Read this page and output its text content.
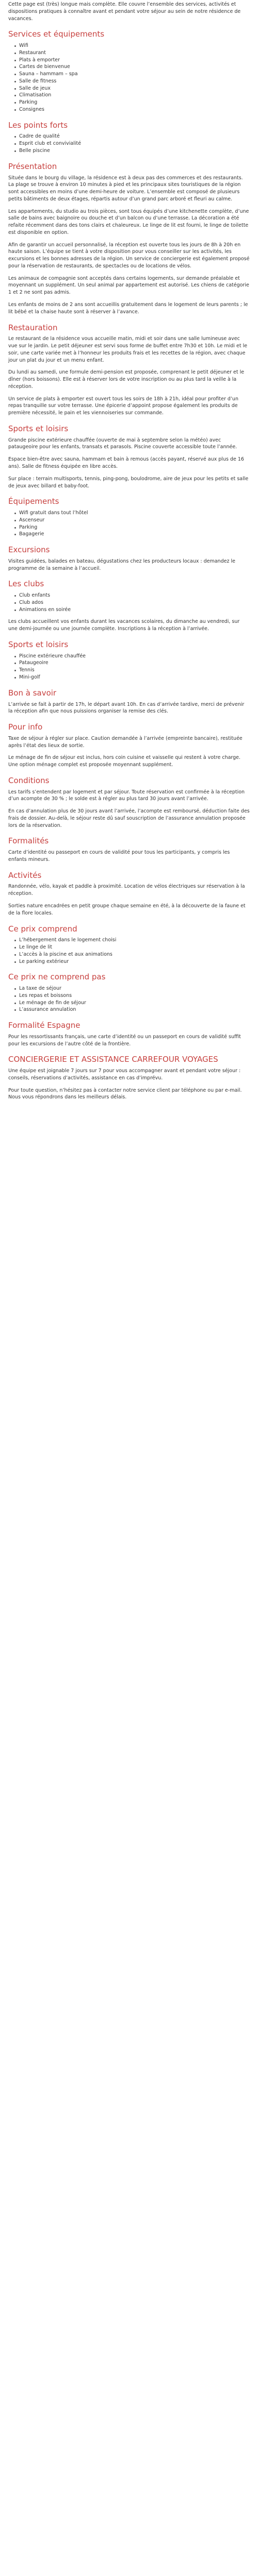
Cette page est (très) longue mais complète. Elle couvre l’ensemble des services, activités et dispositions pratiques à connaître avant et pendant votre séjour au sein de notre résidence de vacances.

Services et équipements
Wifi
Restaurant
Plats à emporter
Cartes de bienvenue
Sauna – hammam – spa
Salle de fitness
Salle de jeux
Climatisation
Parking
Consignes
Les points forts
Cadre de qualité
Esprit club et convivialité
Belle piscine
Présentation

Située dans le bourg du village, la résidence est à deux pas des commerces et des restaurants. La plage se trouve à environ 10 minutes à pied et les principaux sites touristiques de la région sont accessibles en moins d’une demi-heure de voiture. L’ensemble est composé de plusieurs petits bâtiments de deux étages, répartis autour d’un grand parc arboré et fleuri au calme.

Les appartements, du studio au trois pièces, sont tous équipés d’une kitchenette complète, d’une salle de bains avec baignoire ou douche et d’un balcon ou d’une terrasse. La décoration a été refaite récemment dans des tons clairs et chaleureux. Le linge de lit est fourni, le linge de toilette est disponible en option.

Afin de garantir un accueil personnalisé, la réception est ouverte tous les jours de 8h à 20h en haute saison. L’équipe se tient à votre disposition pour vous conseiller sur les activités, les excursions et les bonnes adresses de la région. Un service de conciergerie est également proposé pour la réservation de restaurants, de spectacles ou de locations de vélos.

Les animaux de compagnie sont acceptés dans certains logements, sur demande préalable et moyennant un supplément. Un seul animal par appartement est autorisé. Les chiens de catégorie 1 et 2 ne sont pas admis.

Les enfants de moins de 2 ans sont accueillis gratuitement dans le logement de leurs parents ; le lit bébé et la chaise haute sont à réserver à l’avance.

Restauration

Le restaurant de la résidence vous accueille matin, midi et soir dans une salle lumineuse avec vue sur le jardin. Le petit déjeuner est servi sous forme de buffet entre 7h30 et 10h. Le midi et le soir, une carte variée met à l’honneur les produits frais et les recettes de la région, avec chaque jour un plat du jour et un menu enfant.

Du lundi au samedi, une formule demi-pension est proposée, comprenant le petit déjeuner et le dîner (hors boissons). Elle est à réserver lors de votre inscription ou au plus tard la veille à la réception.

Un service de plats à emporter est ouvert tous les soirs de 18h à 21h, idéal pour profiter d’un repas tranquille sur votre terrasse. Une épicerie d’appoint propose également les produits de première nécessité, le pain et les viennoiseries sur commande.

Sports et loisirs

Grande piscine extérieure chauffée (ouverte de mai à septembre selon la météo) avec pataugeoire pour les enfants, transats et parasols. Piscine couverte accessible toute l’année.

Espace bien-être avec sauna, hammam et bain à remous (accès payant, réservé aux plus de 16 ans). Salle de fitness équipée en libre accès.

Sur place : terrain multisports, tennis, ping-pong, boulodrome, aire de jeux pour les petits et salle de jeux avec billard et baby-foot.

Équipements
Wifi gratuit dans tout l’hôtel
Ascenseur
Parking
Bagagerie
Excursions

Visites guidées, balades en bateau, dégustations chez les producteurs locaux : demandez le programme de la semaine à l’accueil.

Les clubs
Club enfants
Club ados
Animations en soirée

Les clubs accueillent vos enfants durant les vacances scolaires, du dimanche au vendredi, sur une demi-journée ou une journée complète. Inscriptions à la réception à l’arrivée.

Sports et loisirs
Piscine extérieure chauffée
Pataugeoire
Tennis
Mini-golf
Bon à savoir

L’arrivée se fait à partir de 17h, le départ avant 10h. En cas d’arrivée tardive, merci de prévenir la réception afin que nous puissions organiser la remise des clés.

Pour info

Taxe de séjour à régler sur place. Caution demandée à l’arrivée (empreinte bancaire), restituée après l’état des lieux de sortie.

Le ménage de fin de séjour est inclus, hors coin cuisine et vaisselle qui restent à votre charge. Une option ménage complet est proposée moyennant supplément.

Conditions

Les tarifs s’entendent par logement et par séjour. Toute réservation est confirmée à la réception d’un acompte de 30 % ; le solde est à régler au plus tard 30 jours avant l’arrivée.

En cas d’annulation plus de 30 jours avant l’arrivée, l’acompte est remboursé, déduction faite des frais de dossier. Au-delà, le séjour reste dû sauf souscription de l’assurance annulation proposée lors de la réservation.

Formalités

Carte d’identité ou passeport en cours de validité pour tous les participants, y compris les enfants mineurs.

Activités

Randonnée, vélo, kayak et paddle à proximité. Location de vélos électriques sur réservation à la réception.

Sorties nature encadrées en petit groupe chaque semaine en été, à la découverte de la faune et de la flore locales.

Ce prix comprend
L’hébergement dans le logement choisi
Le linge de lit
L’accès à la piscine et aux animations
Le parking extérieur
Ce prix ne comprend pas
La taxe de séjour
Les repas et boissons
Le ménage de fin de séjour
L’assurance annulation
Formalité Espagne

Pour les ressortissants français, une carte d’identité ou un passeport en cours de validité suffit pour les excursions de l’autre côté de la frontière.

CONCIERGERIE ET ASSISTANCE CARREFOUR VOYAGES

Une équipe est joignable 7 jours sur 7 pour vous accompagner avant et pendant votre séjour : conseils, réservations d’activités, assistance en cas d’imprévu.

Pour toute question, n’hésitez pas à contacter notre service client par téléphone ou par e-mail. Nous vous répondrons dans les meilleurs délais.
